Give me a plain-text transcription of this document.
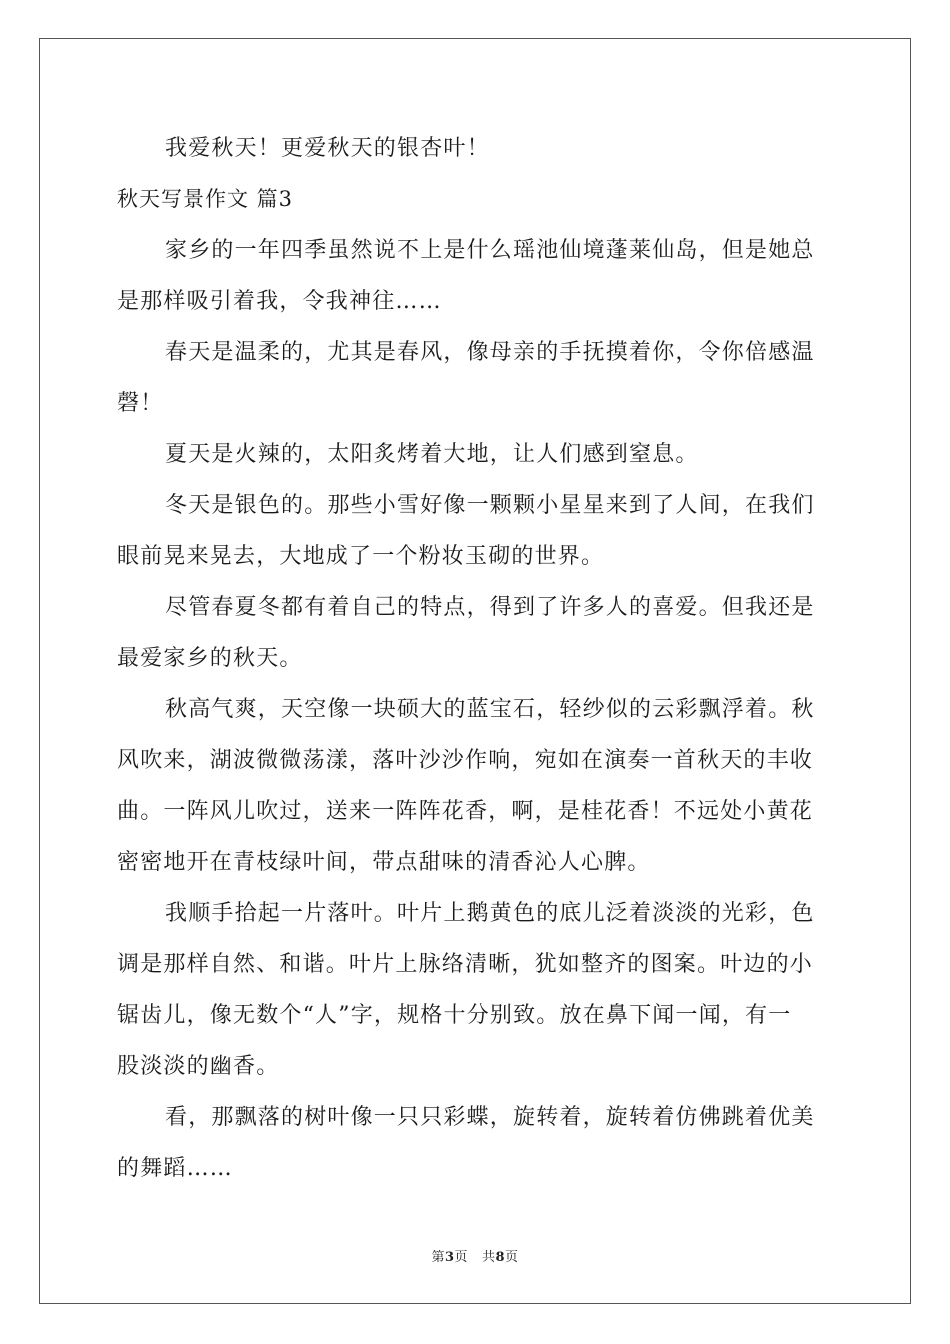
我爱秋天！更爱秋天的银杏叶！
秋天写景作文 篇3
家乡的一年四季虽然说不上是什么瑶池仙境蓬莱仙岛，但是她总
是那样吸引着我，令我神往……
春天是温柔的，尤其是春风，像母亲的手抚摸着你，令你倍感温
磬！
夏天是火辣的，太阳炙烤着大地，让人们感到窒息。
冬天是银色的。那些小雪好像一颗颗小星星来到了人间，在我们
眼前晃来晃去，大地成了一个粉妆玉砌的世界。
尽管春夏冬都有着自己的特点，得到了许多人的喜爱。但我还是
最爱家乡的秋天。
秋高气爽，天空像一块硕大的蓝宝石，轻纱似的云彩飘浮着。秋
风吹来，湖波微微荡漾，落叶沙沙作响，宛如在演奏一首秋天的丰收
曲。一阵风儿吹过，送来一阵阵花香，啊，是桂花香！不远处小黄花
密密地开在青枝绿叶间，带点甜味的清香沁人心脾。
我顺手拾起一片落叶。叶片上鹅黄色的底儿泛着淡淡的光彩，色
调是那样自然、和谐。叶片上脉络清晰，犹如整齐的图案。叶边的小
锯齿儿，像无数个“人”字，规格十分别致。放在鼻下闻一闻，有一
股淡淡的幽香。
看，那飘落的树叶像一只只彩蝶，旋转着，旋转着仿佛跳着优美
的舞蹈……
第3页 共8页
